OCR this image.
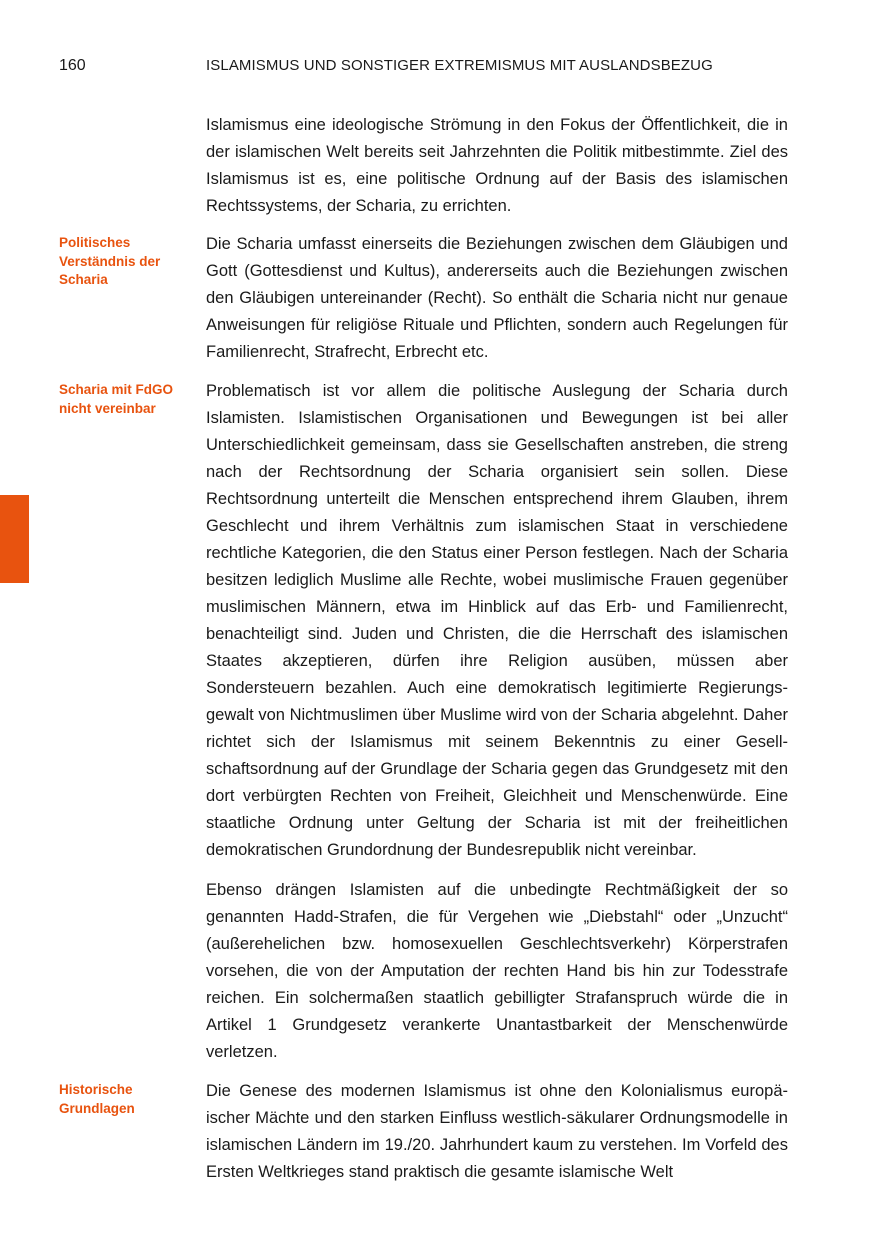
160	ISLAMISMUS UND SONSTIGER EXTREMISMUS MIT AUSLANDSBEZUG
Politisches Verständnis der Scharia
Scharia mit FdGO nicht vereinbar
Historische Grundlagen

Islamismus eine ideologische Strömung in den Fokus der Öffentlichkeit, die in der islamischen Welt bereits seit Jahrzehnten die Politik mitbestimmte. Ziel des Islamismus ist es, eine politische Ordnung auf der Basis des islamischen Rechtssystems, der Scharia, zu errichten.

Die Scharia umfasst einerseits die Beziehungen zwischen dem Gläubigen und Gott (Gottesdienst und Kultus), andererseits auch die Beziehungen zwischen den Gläubigen untereinander (Recht). So enthält die Scharia nicht nur genaue Anweisungen für religiöse Rituale und Pflichten, sondern auch Regelungen für Familienrecht, Strafrecht, Erbrecht etc.

Problematisch ist vor allem die politische Auslegung der Scharia durch Islamisten. Islamistischen Organisationen und Bewegungen ist bei aller Unterschiedlichkeit gemeinsam, dass sie Gesellschaften anstreben, die streng nach der Rechtsordnung der Scharia organisiert sein sollen. Diese Rechtsordnung unterteilt die Menschen entsprechend ihrem Glauben, ihrem Geschlecht und ihrem Verhältnis zum islamischen Staat in verschiedene rechtliche Kategorien, die den Status einer Person festlegen. Nach der Scharia besitzen lediglich Muslime alle Rechte, wobei muslimische Frauen gegenüber muslimischen Männern, etwa im Hinblick auf das Erb- und Familienrecht, benachteiligt sind. Juden und Christen, die die Herrschaft des islamischen Staates akzeptieren, dürfen ihre Religion ausüben, müssen aber Sondersteuern bezahlen. Auch eine demokratisch legitimierte Regierungsgewalt von Nichtmuslimen über Muslime wird von der Scharia abgelehnt. Daher richtet sich der Islamismus mit seinem Bekenntnis zu einer Gesellschaftsordnung auf der Grundlage der Scharia gegen das Grundgesetz mit den dort verbürgten Rechten von Freiheit, Gleichheit und Menschenwürde. Eine staatliche Ordnung unter Geltung der Scharia ist mit der freiheitlichen demokratischen Grundordnung der Bundesrepublik nicht vereinbar.

Ebenso drängen Islamisten auf die unbedingte Rechtmäßigkeit der so genannten Hadd-Strafen, die für Vergehen wie „Diebstahl“ oder „Unzucht“ (außerehelichen bzw. homosexuellen Geschlechtsverkehr) Körperstrafen vorsehen, die von der Amputation der rechten Hand bis hin zur Todesstrafe reichen. Ein solchermaßen staatlich gebilligter Strafanspruch würde die in Artikel 1 Grundgesetz verankerte Unantastbarkeit der Menschenwürde verletzen.

Die Genese des modernen Islamismus ist ohne den Kolonialismus europäischer Mächte und den starken Einfluss westlich-säkularer Ordnungsmodelle in islamischen Ländern im 19./20. Jahrhundert kaum zu verstehen. Im Vorfeld des Ersten Weltkrieges stand praktisch die gesamte islamische Welt
